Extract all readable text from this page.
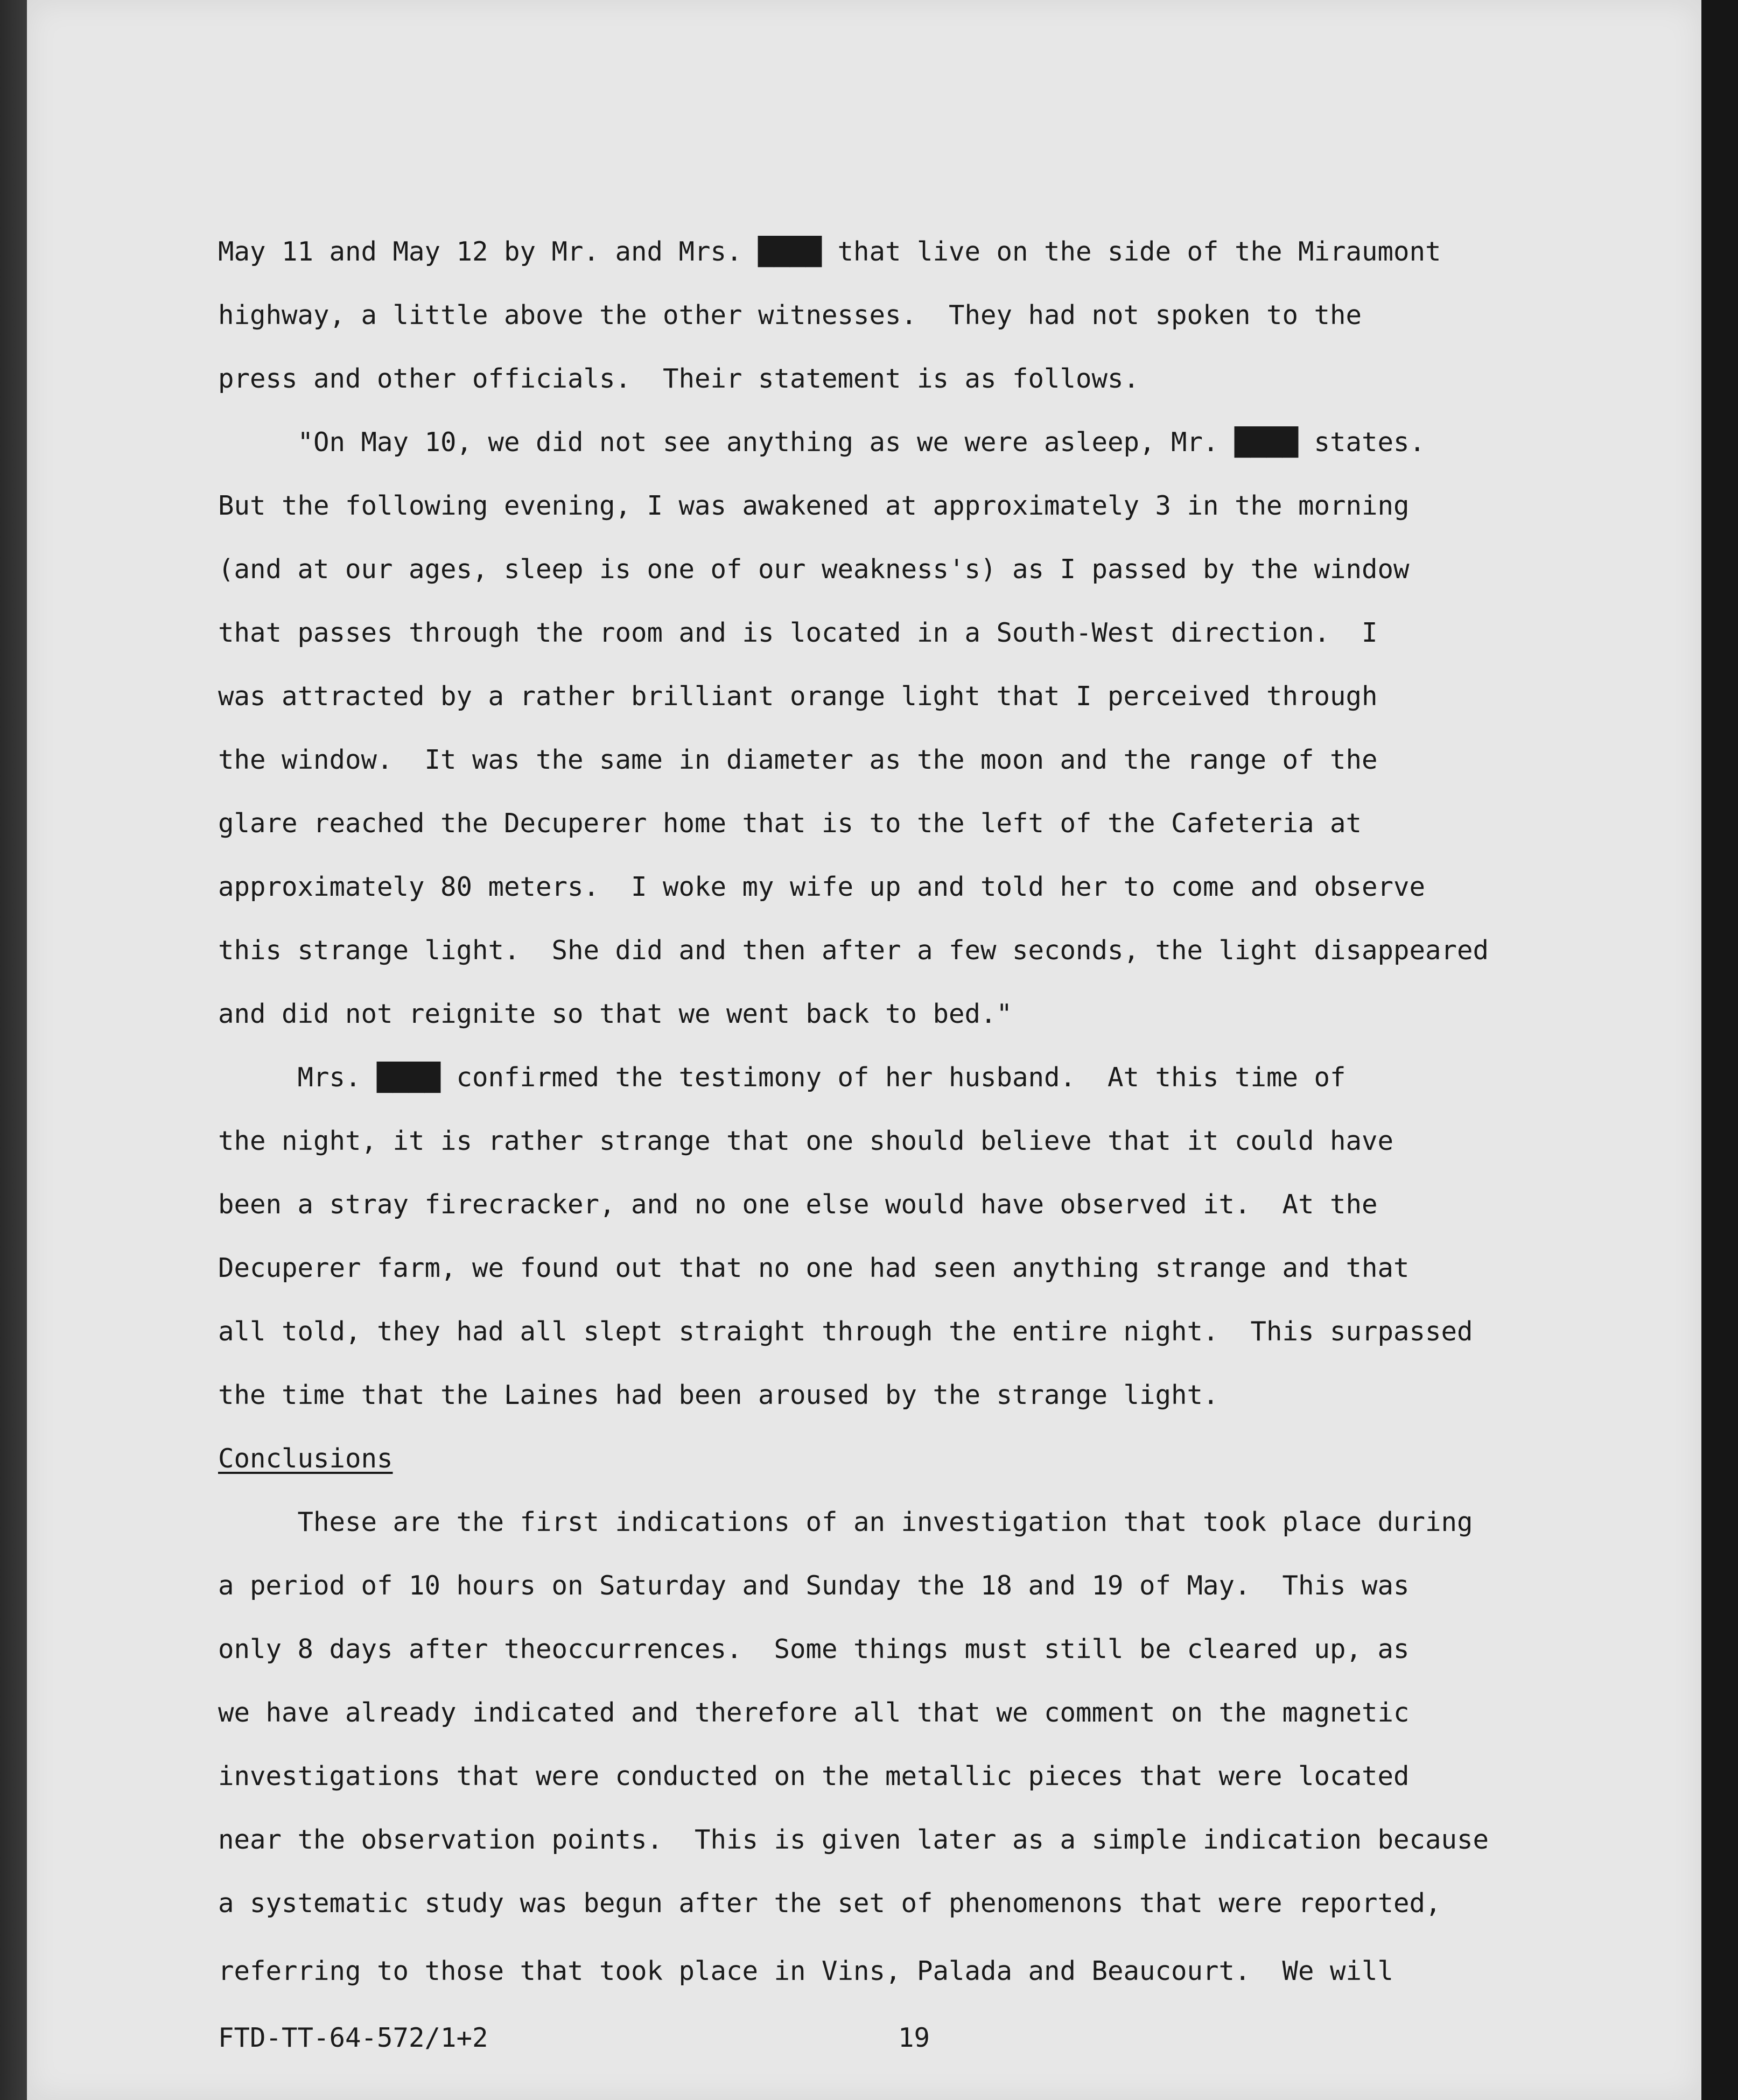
May 11 and May 12 by Mr. and Mrs. ████ that live on the side of the Miraumont

highway, a little above the other witnesses.  They had not spoken to the

press and other officials.  Their statement is as follows.

"On May 10, we did not see anything as we were asleep, Mr. ████ states.

But the following evening, I was awakened at approximately 3 in the morning

(and at our ages, sleep is one of our weakness's) as I passed by the window

that passes through the room and is located in a South-West direction.  I

was attracted by a rather brilliant orange light that I perceived through

the window.  It was the same in diameter as the moon and the range of the

glare reached the Decuperer home that is to the left of the Cafeteria at

approximately 80 meters.  I woke my wife up and told her to come and observe

this strange light.  She did and then after a few seconds, the light disappeared

and did not reignite so that we went back to bed."

Mrs. ████ confirmed the testimony of her husband.  At this time of

the night, it is rather strange that one should believe that it could have

been a stray firecracker, and no one else would have observed it.  At the

Decuperer farm, we found out that no one had seen anything strange and that

all told, they had all slept straight through the entire night.  This surpassed

the time that the Laines had been aroused by the strange light.

Conclusions

These are the first indications of an investigation that took place during

a period of 10 hours on Saturday and Sunday the 18 and 19 of May.  This was

only 8 days after theoccurrences.  Some things must still be cleared up, as

we have already indicated and therefore all that we comment on the magnetic

investigations that were conducted on the metallic pieces that were located

near the observation points.  This is given later as a simple indication because

a systematic study was begun after the set of phenomenons that were reported,

referring to those that took place in Vins, Palada and Beaucourt.  We will

FTD-TT-64-572/1+2	19
